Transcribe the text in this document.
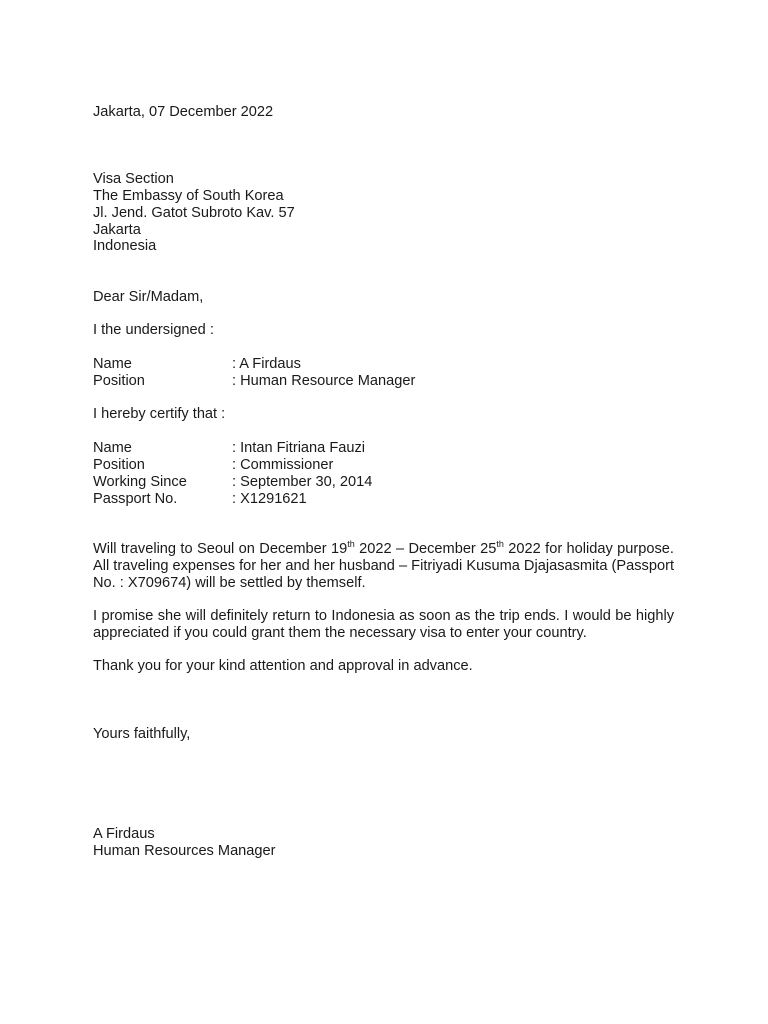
Jakarta, 07 December 2022
Visa Section
The Embassy of South Korea
Jl. Jend. Gatot Subroto Kav. 57
Jakarta
Indonesia
Dear Sir/Madam,
I the undersigned :
Name	: A Firdaus
Position	: Human Resource Manager
I hereby certify that :
Name	: Intan Fitriana Fauzi
Position	: Commissioner
Working Since	: September 30, 2014
Passport No.	: X1291621
Will traveling to Seoul on December 19th 2022 – December 25th 2022 for holiday purpose. All traveling expenses for her and her husband – Fitriyadi Kusuma Djajasasmita (Passport No. : X709674) will be settled by themself.
I promise she will definitely return to Indonesia as soon as the trip ends. I would be highly appreciated if you could grant them the necessary visa to enter your country.
Thank you for your kind attention and approval in advance.
Yours faithfully,
A Firdaus
Human Resources Manager
